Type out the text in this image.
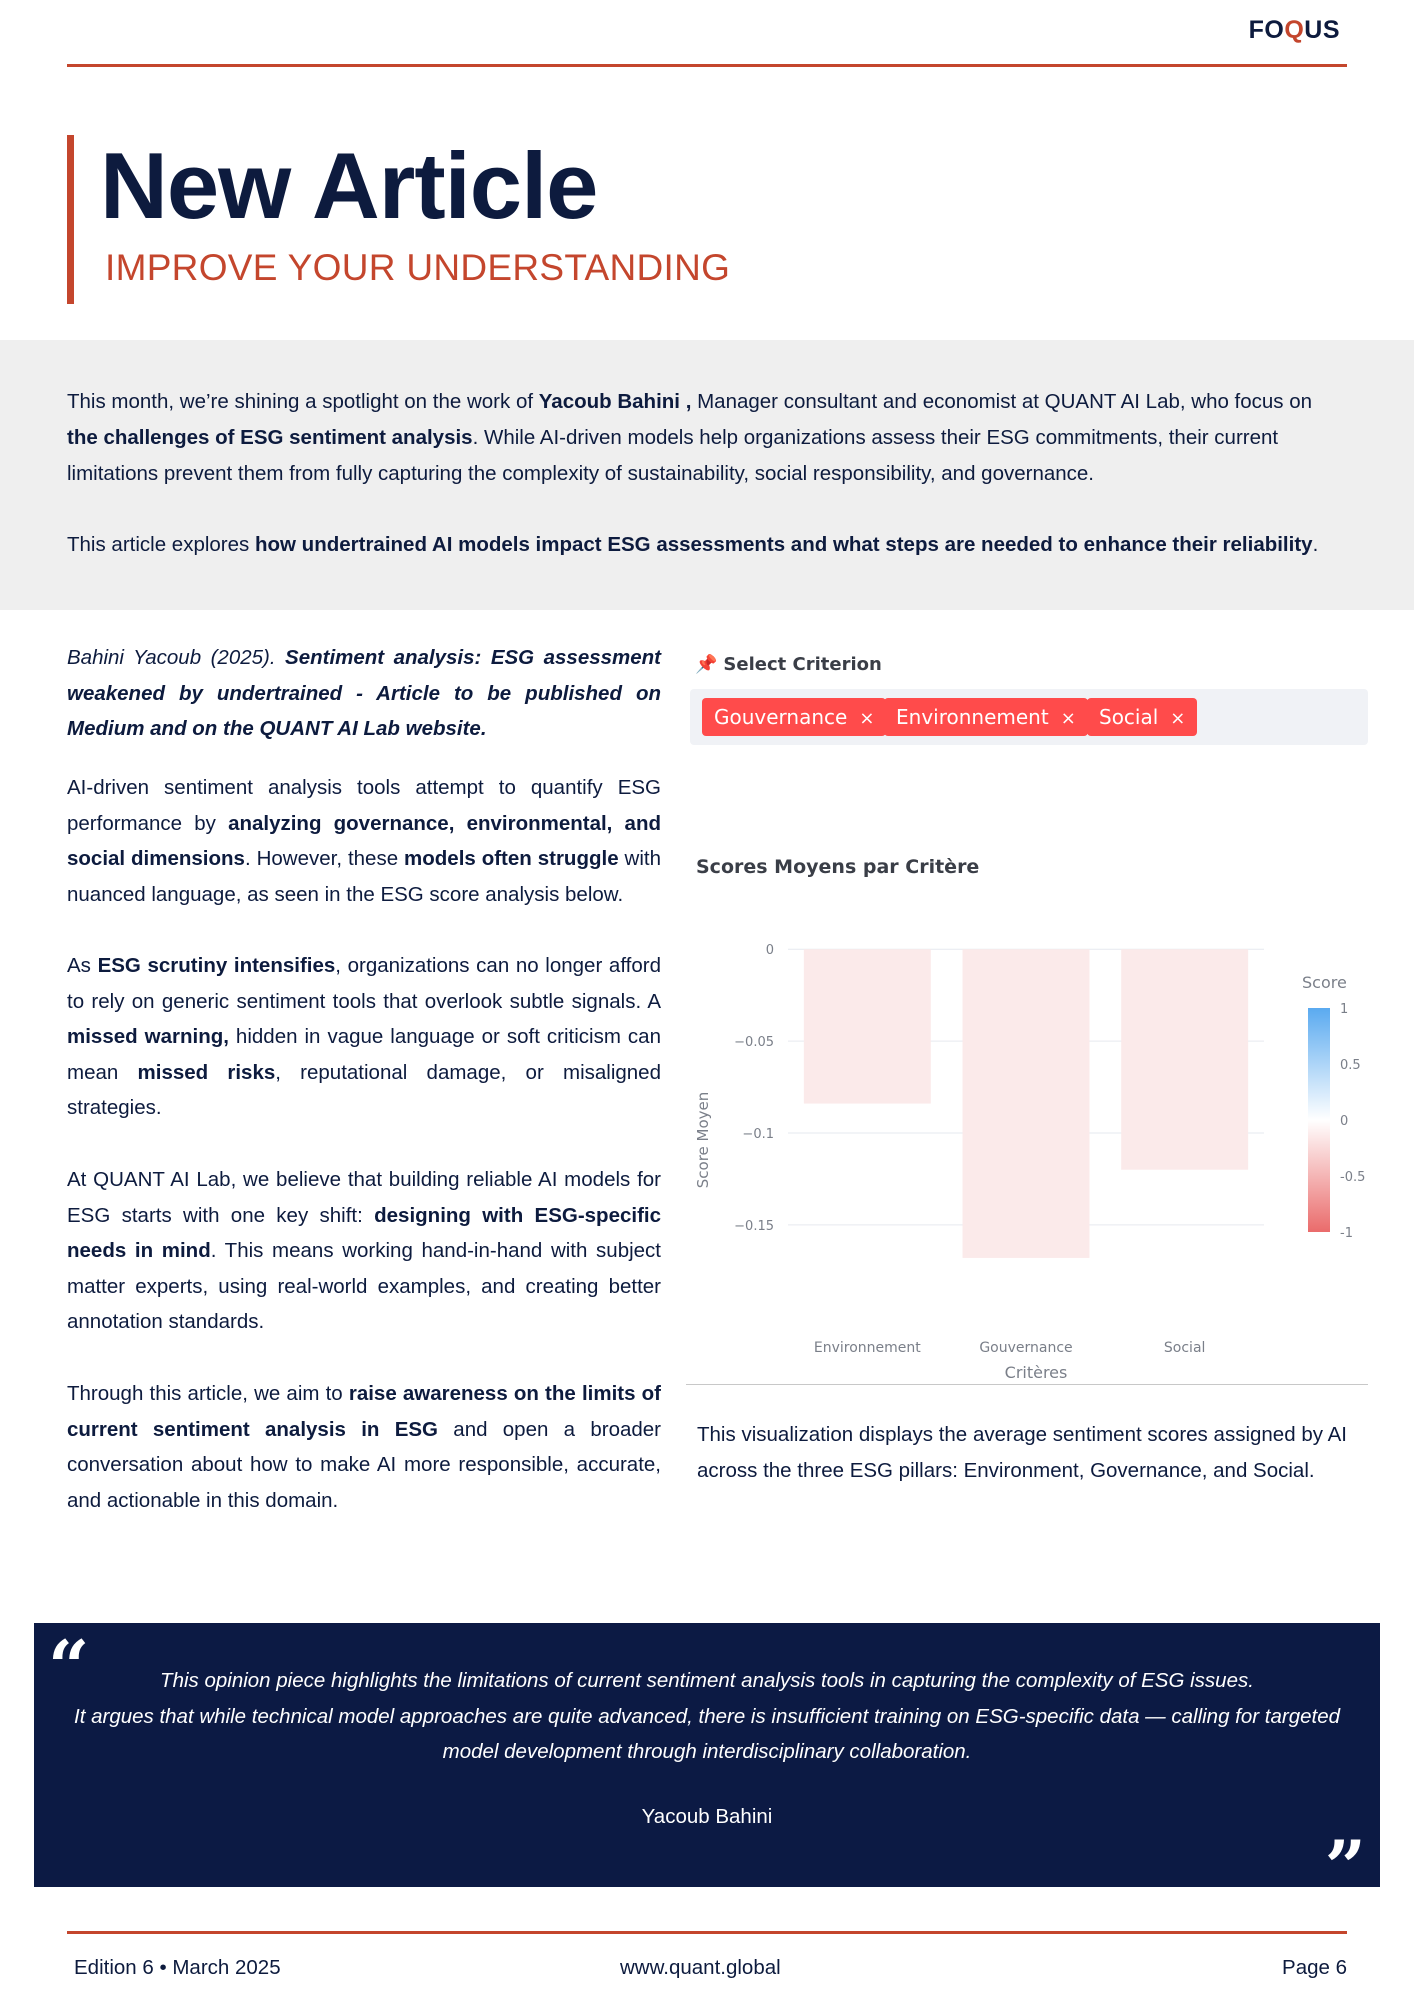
FOQUS
New Article
IMPROVE YOUR UNDERSTANDING

This month, we’re shining a spotlight on the work of Yacoub Bahini , Manager consultant and economist at QUANT AI Lab, who focus on the challenges of ESG sentiment analysis. While AI-driven models help organizations assess their ESG commitments, their current limitations prevent them from fully capturing the complexity of sustainability, social responsibility, and governance.

This article explores how undertrained AI models impact ESG assessments and what steps are needed to enhance their reliability.

Bahini Yacoub (2025). Sentiment analysis: ESG assessment weakened by undertrained - Article to be published on Medium and on the QUANT AI Lab website.

AI-driven sentiment analysis tools attempt to quantify ESG performance by analyzing governance, environmental, and social dimensions. However, these models often struggle with nuanced language, as seen in the ESG score analysis below.

As ESG scrutiny intensifies, organizations can no longer afford to rely on generic sentiment tools that overlook subtle signals. A missed warning, hidden in vague language or soft criticism can mean missed risks, reputational damage, or misaligned strategies.

At QUANT AI Lab, we believe that building reliable AI models for ESG starts with one key shift: designing with ESG-specific needs in mind. This means working hand-in-hand with subject matter experts, using real-world examples, and creating better annotation standards.

Through this article, we aim to raise awareness on the limits of current sentiment analysis in ESG and open a broader conversation about how to make AI more responsible, accurate, and actionable in this domain.

📌 Select Criterion
Gouvernance ×	Environnement ×	Social ×
Scores Moyens par Critère
0
−0.05
−0.1
−0.15
Environnement	Gouvernance	Social
Critères
Score Moyen
Score
1
0.5
0
-0.5
-1

This visualization displays the average sentiment scores assigned by AI across the three ESG pillars: Environment, Governance, and Social.

“
”

This opinion piece highlights the limitations of current sentiment analysis tools in capturing the complexity of ESG issues.
It argues that while technical model approaches are quite advanced, there is insufficient training on ESG-specific data — calling for targeted model development through interdisciplinary collaboration.

Yacoub Bahini
Edition 6 • March 2025	www.quant.global	Page 6
